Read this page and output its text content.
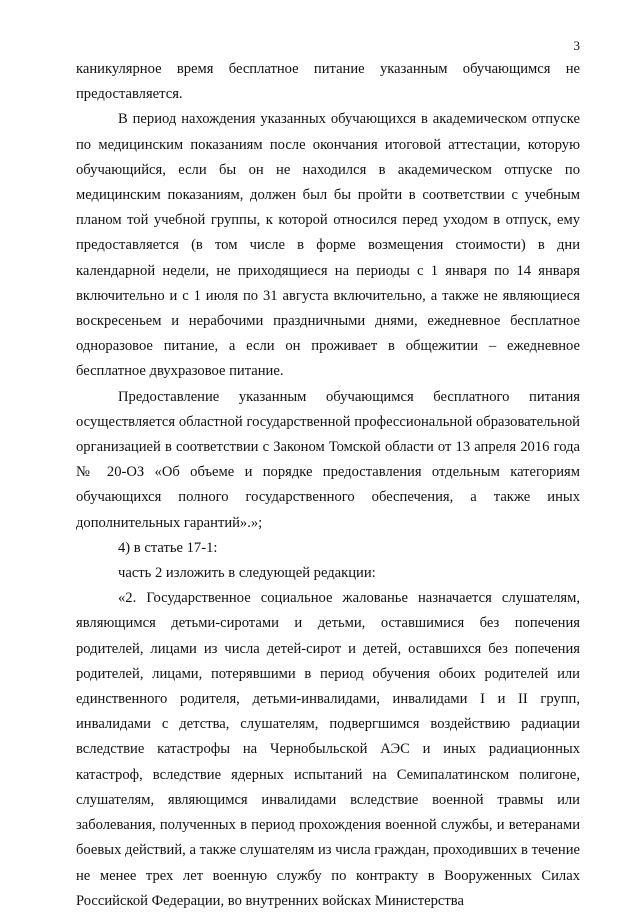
3

каникулярное время бесплатное питание указанным обучающимся не предоставляется.

В период нахождения указанных обучающихся в академическом отпуске по медицинским показаниям после окончания итоговой аттестации, которую обучающийся, если бы он не находился в академическом отпуске по медицинским показаниям, должен был бы пройти в соответствии с учебным планом той учебной группы, к которой относился перед уходом в отпуск, ему предоставляется (в том числе в форме возмещения стоимости) в дни календарной недели, не приходящиеся на периоды с 1 января по 14 января включительно и с 1 июля по 31 августа включительно, а также не являющиеся воскресеньем и нерабочими праздничными днями, ежедневное бесплатное одноразовое питание, а если он проживает в общежитии – ежедневное бесплатное двухразовое питание.

Предоставление указанным обучающимся бесплатного питания осуществляется областной государственной профессиональной образовательной организацией в соответствии с Законом Томской области от 13 апреля 2016 года № 20-ОЗ «Об объеме и порядке предоставления отдельным категориям обучающихся полного государственного обеспечения, а также иных дополнительных гарантий».»;

4) в статье 17-1:

часть 2 изложить в следующей редакции:

«2. Государственное социальное жалованье назначается слушателям, являющимся детьми-сиротами и детьми, оставшимися без попечения родителей, лицами из числа детей-сирот и детей, оставшихся без попечения родителей, лицами, потерявшими в период обучения обоих родителей или единственного родителя, детьми-инвалидами, инвалидами I и II групп, инвалидами с детства, слушателям, подвергшимся воздействию радиации вследствие катастрофы на Чернобыльской АЭС и иных радиационных катастроф, вследствие ядерных испытаний на Семипалатинском полигоне, слушателям, являющимся инвалидами вследствие военной травмы или заболевания, полученных в период прохождения военной службы, и ветеранами боевых действий, а также слушателям из числа граждан, проходивших в течение не менее трех лет военную службу по контракту в Вооруженных Силах Российской Федерации, во внутренних войсках Министерства
